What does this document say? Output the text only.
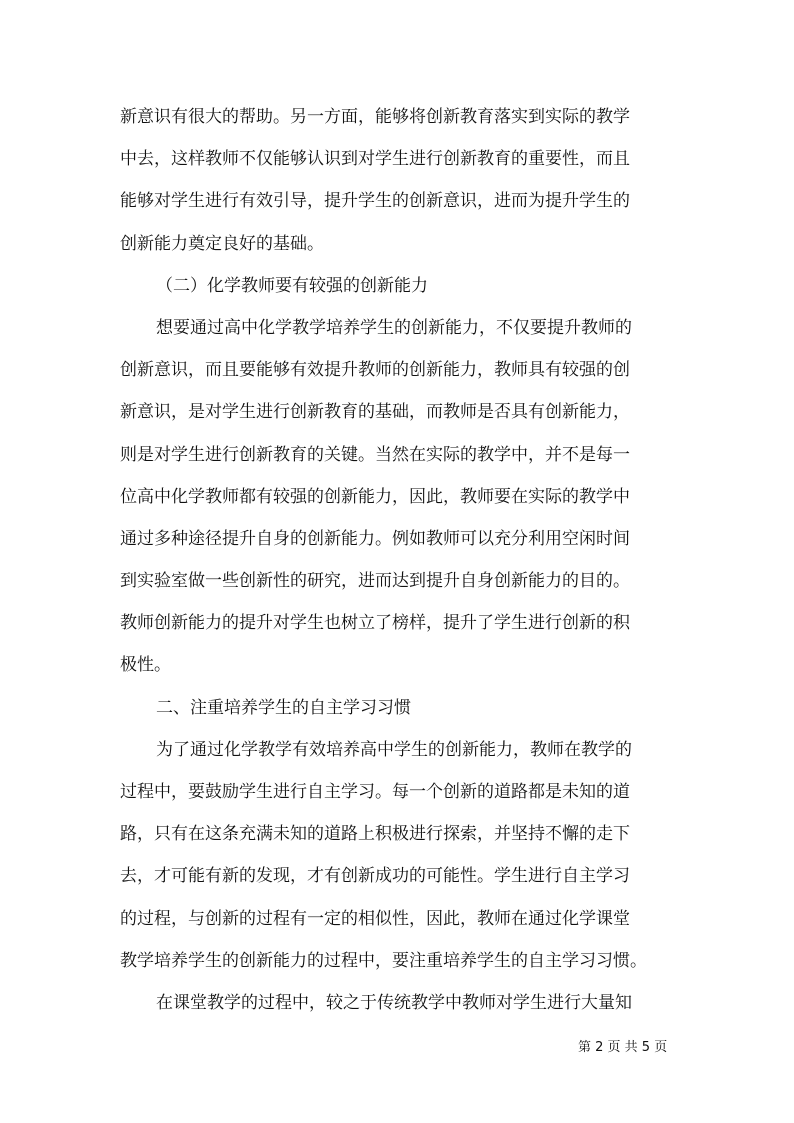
新意识有很大的帮助。另一方面，能够将创新教育落实到实际的教学
中去，这样教师不仅能够认识到对学生进行创新教育的重要性，而且
能够对学生进行有效引导，提升学生的创新意识，进而为提升学生的
创新能力奠定良好的基础。
（二）化学教师要有较强的创新能力
想要通过高中化学教学培养学生的创新能力，不仅要提升教师的
创新意识，而且要能够有效提升教师的创新能力，教师具有较强的创
新意识，是对学生进行创新教育的基础，而教师是否具有创新能力，
则是对学生进行创新教育的关键。当然在实际的教学中，并不是每一
位高中化学教师都有较强的创新能力，因此，教师要在实际的教学中
通过多种途径提升自身的创新能力。例如教师可以充分利用空闲时间
到实验室做一些创新性的研究，进而达到提升自身创新能力的目的。
教师创新能力的提升对学生也树立了榜样，提升了学生进行创新的积
极性。
二、注重培养学生的自主学习习惯
为了通过化学教学有效培养高中学生的创新能力，教师在教学的
过程中，要鼓励学生进行自主学习。每一个创新的道路都是未知的道
路，只有在这条充满未知的道路上积极进行探索，并坚持不懈的走下
去，才可能有新的发现，才有创新成功的可能性。学生进行自主学习
的过程，与创新的过程有一定的相似性，因此，教师在通过化学课堂
教学培养学生的创新能力的过程中，要注重培养学生的自主学习习惯。
在课堂教学的过程中，较之于传统教学中教师对学生进行大量知
第 2 页 共 5 页
